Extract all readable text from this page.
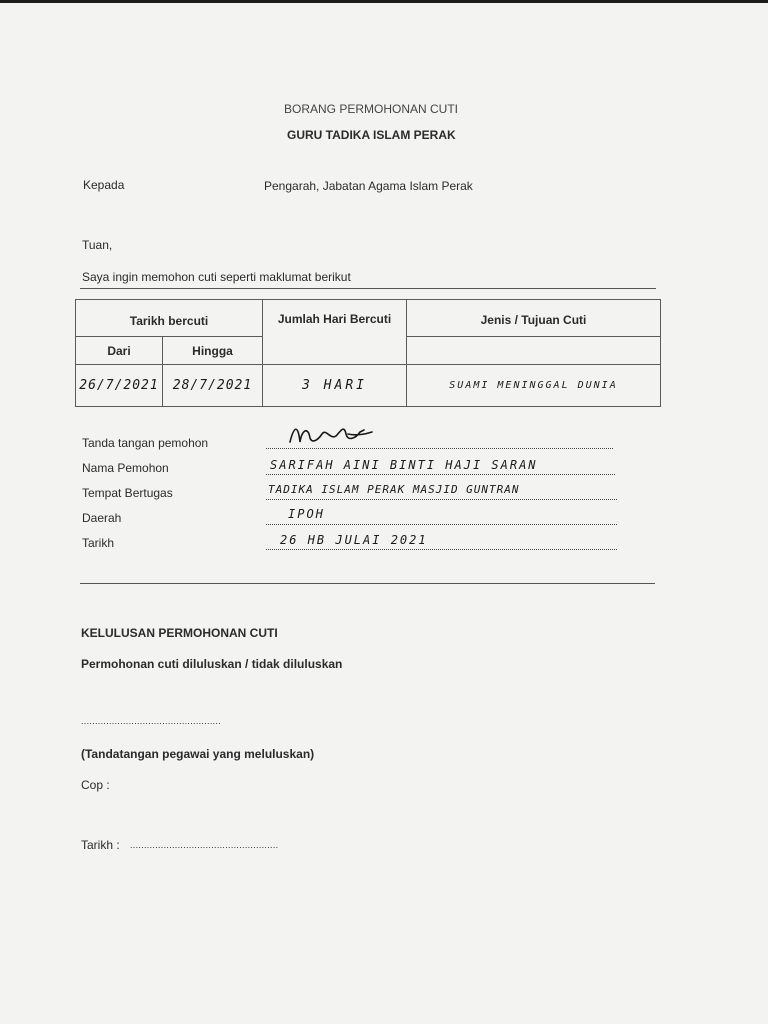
BORANG PERMOHONAN CUTI
GURU TADIKA ISLAM PERAK
Kepada	Pengarah, Jabatan Agama Islam Perak
Tuan,
Saya ingin memohon cuti seperti maklumat berikut
Tarikh bercuti		Jumlah Hari Bercuti	Jenis / Tujuan Cuti
Dari	Hingga		
26/7/2021	28/7/2021	3 HARI	SUAMI MENINGGAL DUNIA
Tanda tangan pemohon
Nama Pemohon	SARIFAH AINI BINTI HAJI SARAN
Tempat Bertugas	TADIKA ISLAM PERAK MASJID GUNTRAN
Daerah	IPOH
Tarikh	26 HB JULAI 2021
KELULUSAN PERMOHONAN CUTI
Permohonan cuti diluluskan / tidak diluluskan
..................................................
(Tandatangan pegawai yang meluluskan)
Cop :
Tarikh : .....................................................
